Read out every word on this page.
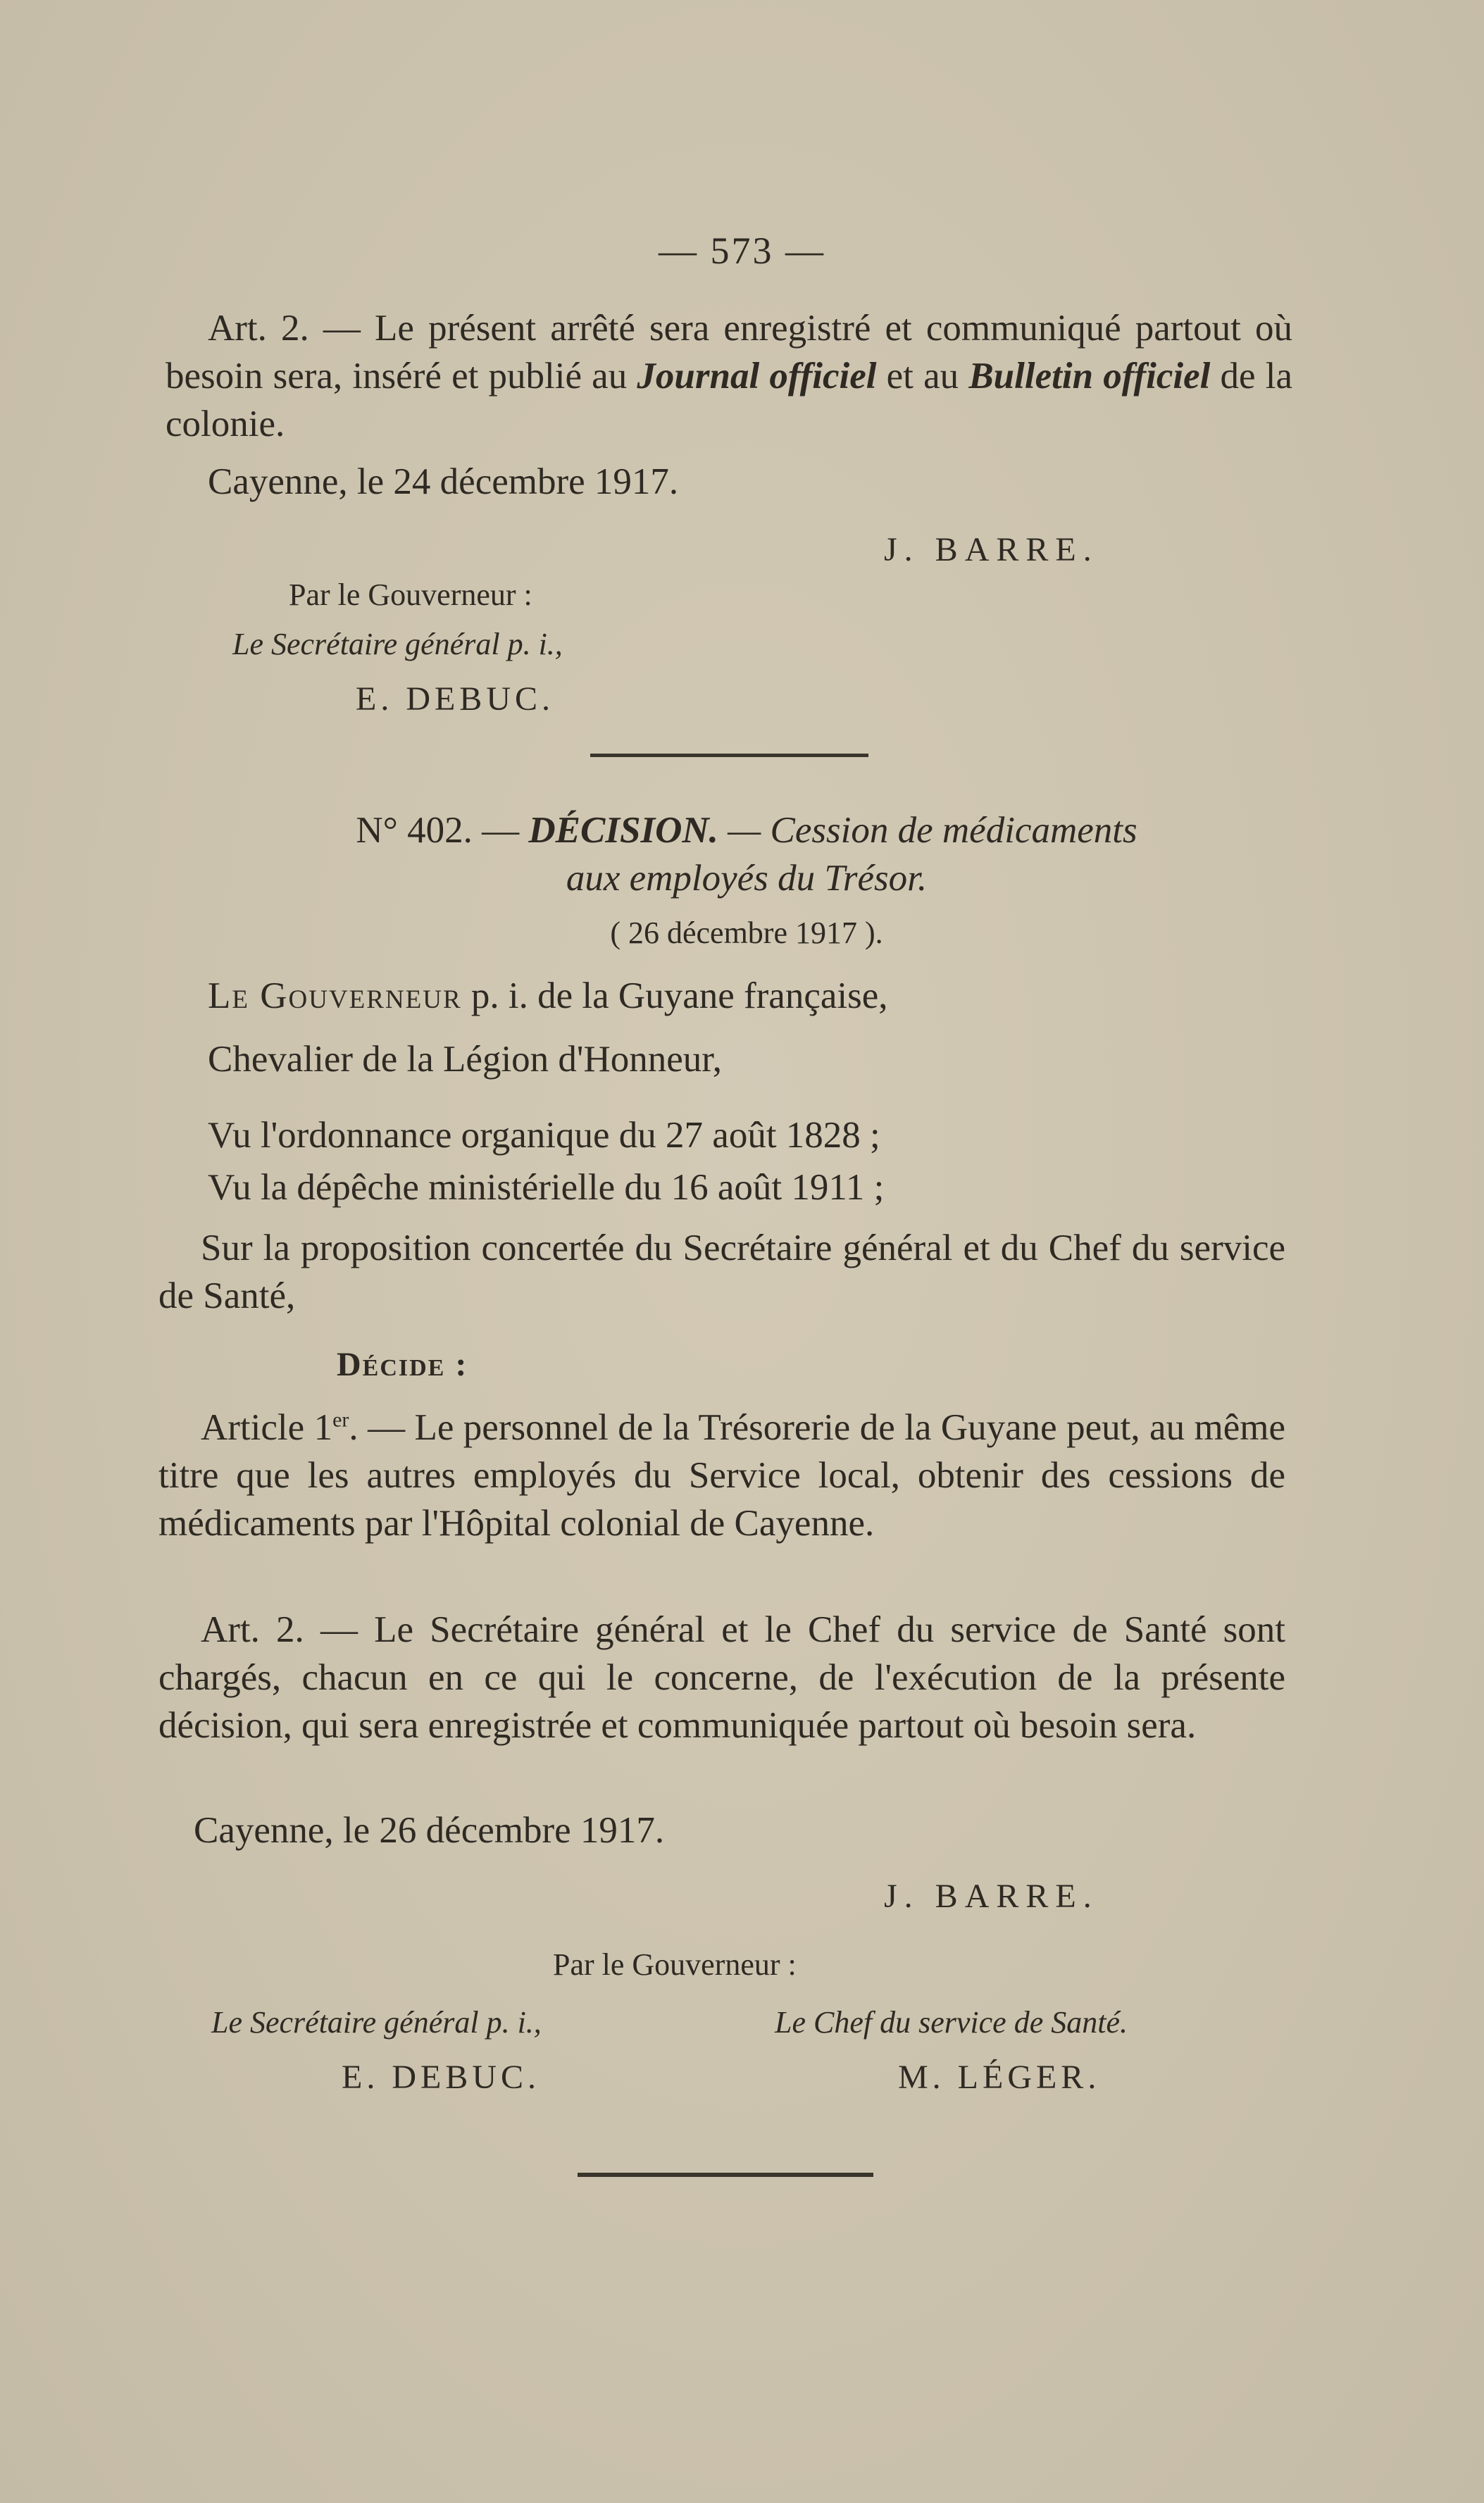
— 573 —

Art. 2. — Le présent arrêté sera enregistré et communiqué partout où besoin sera, inséré et publié au Journal officiel et au Bulletin officiel de la colonie.

Cayenne, le 24 décembre 1917.
J. BARRE.
Par le Gouverneur :
Le Secrétaire général p. i.,
E. DEBUC.
N° 402. — DÉCISION. — Cession de médicaments
aux employés du Trésor.
( 26 décembre 1917 ).
Le Gouverneur p. i. de la Guyane française,
Chevalier de la Légion d'Honneur,
Vu l'ordonnance organique du 27 août 1828 ;
Vu la dépêche ministérielle du 16 août 1911 ;

Sur la proposition concertée du Secrétaire général et du Chef du service de Santé,

Décide :

Article 1er. — Le personnel de la Trésorerie de la Guyane peut, au même titre que les autres employés du Service local, obtenir des cessions de médicaments par l'Hôpital colonial de Cayenne.

Art. 2. — Le Secrétaire général et le Chef du service de Santé sont chargés, chacun en ce qui le concerne, de l'exécution de la présente décision, qui sera enregistrée et communiquée partout où besoin sera.

Cayenne, le 26 décembre 1917.
J. BARRE.
Par le Gouverneur :
Le Secrétaire général p. i.,	Le Chef du service de Santé.
E. DEBUC.	M. LÉGER.
